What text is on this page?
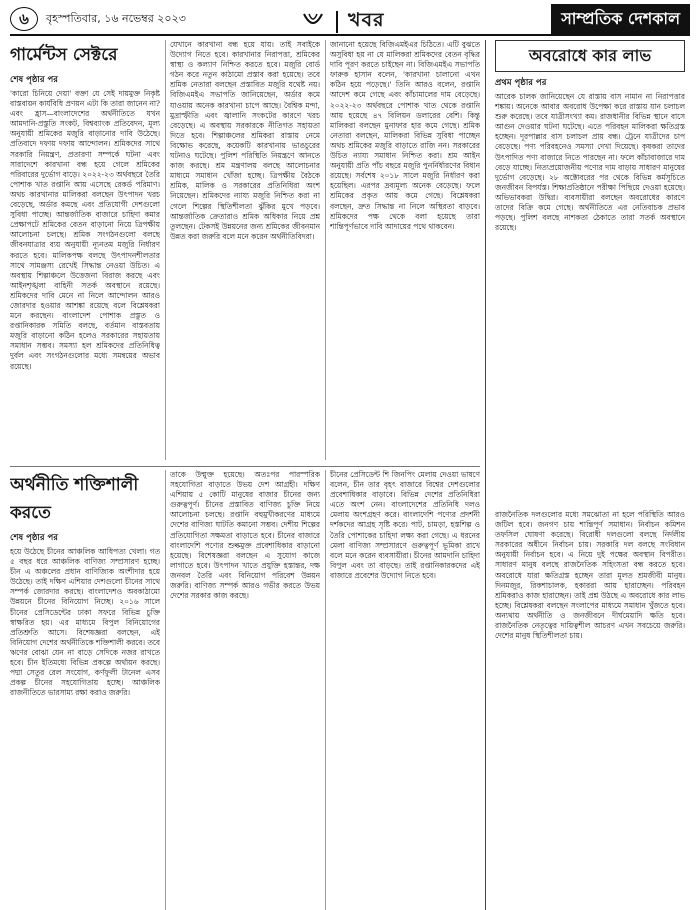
৬	বৃহস্পতিবার, ১৬ নভেম্বর ২০২৩	খবর	সাম্প্রতিক দেশকাল
গার্মেন্টস সেক্টরে
শেষ পৃষ্ঠার পর
'কারো চিনিয়ে দেয়া' বক্তা যে সেই দায়মুক্ত নিকৃষ্ট বাস্তবায়ন কার্যবিধি প্রণয়ন এটা কি তারা জানেন না? এবং হ্রাস—বাংলাদেশের অর্থনীতিতে যখন আমদানি-প্রস্তুতি সংকট, বিশ্বব্যাংক প্রতিবেদন, মূল্য অনুযায়ী শ্রমিকের মজুরি বাড়ানোর দাবি উঠেছে। প্রতিবাদে দফায় দফায় আন্দোলন। শ্রমিকদের সাথে সরকারি নিয়ন্ত্রণ, প্রতারণা সম্পর্কে ঘটনা এবং সারাদেশে কারখানা বন্ধ হয়ে গেলে শ্রমিকের পরিবারের দুর্ভোগ বাড়ে। ২০২২-২৩ অর্থবছরে তৈরি পোশাক খাত রপ্তানি আয় এসেছে রেকর্ড পরিমাণ। অথচ কারখানার মালিকরা বলছেন উৎপাদন খরচ বেড়েছে, অর্ডার কমছে এবং প্রতিযোগী দেশগুলো সুবিধা পাচ্ছে। আন্তর্জাতিক বাজারে চাহিদা কমার প্রেক্ষাপটে শ্রমিকের বেতন বাড়ানো নিয়ে ত্রিপক্ষীয় আলোচনা চলছে। শ্রমিক সংগঠনগুলো বলছে জীবনযাত্রার ব্যয় অনুযায়ী ন্যূনতম মজুরি নির্ধারণ করতে হবে। মালিকপক্ষ বলছে উৎপাদনশীলতার সাথে সামঞ্জস্য রেখেই সিদ্ধান্ত নেওয়া উচিত। এ অবস্থায় শিল্পাঞ্চলে উত্তেজনা বিরাজ করছে এবং আইনশৃঙ্খলা বাহিনী সতর্ক অবস্থানে রয়েছে। শ্রমিকদের দাবি মেনে না নিলে আন্দোলন আরও জোরদার হওয়ার আশঙ্কা রয়েছে বলে বিশ্লেষকরা মনে করছেন। বাংলাদেশ পোশাক প্রস্তুত ও রপ্তানিকারক সমিতি বলছে, বর্তমান বাস্তবতায় মজুরি বাড়ানো কঠিন হলেও সরকারের সহায়তায় সমাধান সম্ভব। সমস্যা হল শ্রমিকদের প্রতিনিধিত্ব দুর্বল এবং সংগঠনগুলোর মধ্যে সমন্বয়ের অভাব রয়েছে।
যেখানে কারখানা বন্ধ হয়ে যায়। তাই সবাইকে উদ্যোগ নিতে হবে। কারখানার নিরাপত্তা, শ্রমিকের স্বাস্থ্য ও কল্যাণ নিশ্চিত করতে হবে। মজুরি বোর্ড গঠন করে নতুন কাঠামো প্রস্তাব করা হয়েছে। তবে শ্রমিক নেতারা বলছেন প্রস্তাবিত মজুরি যথেষ্ট নয়। বিজিএমইএ সভাপতি জানিয়েছেন, অর্ডার কমে যাওয়ায় অনেক কারখানা চাপে আছে। বৈশ্বিক মন্দা, মুদ্রাস্ফীতি এবং জ্বালানি সংকটের কারণে খরচ বেড়েছে। এ অবস্থায় সরকারকে নীতিগত সহায়তা দিতে হবে। শিল্পাঞ্চলের শ্রমিকরা রাস্তায় নেমে বিক্ষোভ করেছে, কয়েকটি কারখানায় ভাঙচুরের ঘটনাও ঘটেছে। পুলিশ পরিস্থিতি নিয়ন্ত্রণে আনতে কাজ করছে। শ্রম মন্ত্রণালয় বলছে আলোচনার মাধ্যমে সমাধান খোঁজা হচ্ছে। ত্রিপক্ষীয় বৈঠকে শ্রমিক, মালিক ও সরকারের প্রতিনিধিরা অংশ নিয়েছেন। শ্রমিকদের ন্যায্য মজুরি নিশ্চিত করা না গেলে শিল্পের স্থিতিশীলতা ঝুঁকির মুখে পড়বে। আন্তর্জাতিক ক্রেতারাও শ্রমিক অধিকার নিয়ে প্রশ্ন তুলছেন। টেকসই উন্নয়নের জন্য শ্রমিকের জীবনমান উন্নত করা জরুরি বলে মনে করেন অর্থনীতিবিদরা।
জানানো হয়েছে বিজিএমইএর চিঠিতে। এটি বুঝতে অসুবিধা হয় না যে মালিকরা শ্রমিকদের বেতন বৃদ্ধির দাবি পূরণ করতে চাইছেন না। বিজিএমইএ সভাপতি ফারুক হাসান বলেন, 'কারখানা চালানো এখন কঠিন হয়ে পড়েছে।' তিনি আরও বলেন, রপ্তানি আদেশ কমে গেছে এবং কাঁচামালের দাম বেড়েছে। ২০২২-২৩ অর্থবছরে পোশাক খাত থেকে রপ্তানি আয় হয়েছে ৪৭ বিলিয়ন ডলারের বেশি। কিন্তু মালিকরা বলছেন মুনাফার হার কমে গেছে। শ্রমিক নেতারা বলছেন, মালিকরা বিভিন্ন সুবিধা পাচ্ছেন অথচ শ্রমিকের মজুরি বাড়াতে রাজি নন। সরকারের উচিত ন্যায্য সমাধান নিশ্চিত করা। শ্রম আইন অনুযায়ী প্রতি পাঁচ বছরে মজুরি পুনর্নির্ধারণের বিধান রয়েছে। সর্বশেষ ২০১৮ সালে মজুরি নির্ধারণ করা হয়েছিল। এরপর দ্রব্যমূল্য অনেক বেড়েছে। ফলে শ্রমিকের প্রকৃত আয় কমে গেছে। বিশ্লেষকরা বলছেন, দ্রুত সিদ্ধান্ত না নিলে অস্থিরতা বাড়বে। শ্রমিকদের পক্ষ থেকে বলা হয়েছে তারা শান্তিপূর্ণভাবে দাবি আদায়ের পথে থাকবেন।
অর্থনীতি শক্তিশালী করতে
শেষ পৃষ্ঠার পর
হয়ে উঠেছে চীনের আঞ্চলিক আধিপত্য খেলা। গত ৫ বছর ধরে আঞ্চলিক বাণিজ্য সম্প্রসারণ হচ্ছে। চীন এ অঞ্চলের প্রধান বাণিজ্যিক অংশীদার হয়ে উঠেছে। তাই দক্ষিণ এশিয়ার দেশগুলো চীনের সাথে সম্পর্ক জোরদার করছে। বাংলাদেশও অবকাঠামো উন্নয়নে চীনের বিনিয়োগ নিচ্ছে। ২০১৬ সালে চীনের প্রেসিডেন্টের ঢাকা সফরে বিভিন্ন চুক্তি স্বাক্ষরিত হয়। এর মাধ্যমে বিপুল বিনিয়োগের প্রতিশ্রুতি আসে। বিশেষজ্ঞরা বলছেন, এই বিনিয়োগ দেশের অর্থনীতিকে শক্তিশালী করবে। তবে ঋণের বোঝা যেন না বাড়ে সেদিকে নজর রাখতে হবে। চীন ইতিমধ্যে বিভিন্ন প্রকল্পে অর্থায়ন করছে। পদ্মা সেতুর রেল সংযোগ, কর্ণফুলী টানেল এসব প্রকল্প চীনের সহযোগিতায় হচ্ছে। আঞ্চলিক রাজনীতিতে ভারসাম্য রক্ষা করাও জরুরি।
তাকে উন্মুক্ত হয়েছে। অতঃপর পারস্পরিক সহযোগিতা বাড়াতে উভয় দেশ আগ্রহী। দক্ষিণ এশিয়ায় ৫ কোটি মানুষের বাজার চীনের জন্য গুরুত্বপূর্ণ। চীনের প্রস্তাবিত বাণিজ্য চুক্তি নিয়ে আলোচনা চলছে। রপ্তানি বহুমুখীকরণের মাধ্যমে দেশের বাণিজ্য ঘাটতি কমানো সম্ভব। দেশীয় শিল্পের প্রতিযোগিতা সক্ষমতা বাড়াতে হবে। চীনের বাজারে বাংলাদেশি পণ্যের শুল্কমুক্ত প্রবেশাধিকার বাড়ানো হয়েছে। বিশেষজ্ঞরা বলছেন এ সুযোগ কাজে লাগাতে হবে। উৎপাদন খাতে প্রযুক্তি হস্তান্তর, দক্ষ জনবল তৈরি এবং বিনিয়োগ পরিবেশ উন্নয়ন জরুরি। বাণিজ্য সম্পর্ক আরও গভীর করতে উভয় দেশের সরকার কাজ করছে।
চীনের প্রেসিডেন্ট শি জিনপিং মেলায় দেওয়া ভাষণে বলেন, চীন তার বৃহৎ বাজারে বিশ্বের দেশগুলোর প্রবেশাধিকার বাড়াবে। বিভিন্ন দেশের প্রতিনিধিরা এতে অংশ নেন। বাংলাদেশের প্রতিনিধি দলও মেলায় অংশগ্রহণ করে। বাংলাদেশি পণ্যের প্রদর্শনী দর্শকদের আগ্রহ সৃষ্টি করে। পাট, চামড়া, হস্তশিল্প ও তৈরি পোশাকের চাহিদা লক্ষ্য করা গেছে। এ ধরনের মেলা বাণিজ্য সম্প্রসারণে গুরুত্বপূর্ণ ভূমিকা রাখে বলে মনে করেন ব্যবসায়ীরা। চীনের আমদানি চাহিদা বিপুল এবং তা বাড়ছে। তাই রপ্তানিকারকদের এই বাজারে প্রবেশের উদ্যোগ নিতে হবে।
অবরোধে কার লাভ
প্রথম পৃষ্ঠার পর
আরেক চালক জানিয়েছেন যে রাস্তায় বাস নামান না নিরাপত্তার শঙ্কায়। অনেকে আবার অবরোধ উপেক্ষা করে রাস্তায় যান চলাচল শুরু করেছে। তবে যাত্রীসংখ্যা কম। রাজধানীর বিভিন্ন স্থানে বাসে আগুন দেওয়ার ঘটনা ঘটেছে। এতে পরিবহন মালিকরা ক্ষতিগ্রস্ত হচ্ছেন। দূরপাল্লার বাস চলাচল প্রায় বন্ধ। ট্রেনে যাত্রীদের চাপ বেড়েছে। পণ্য পরিবহনেও সমস্যা দেখা দিয়েছে। কৃষকরা তাদের উৎপাদিত পণ্য বাজারে নিতে পারছেন না। ফলে কাঁচাবাজারে দাম বেড়ে যাচ্ছে। নিত্যপ্রয়োজনীয় পণ্যের দাম বাড়ায় সাধারণ মানুষের দুর্ভোগ বেড়েছে। ২৮ অক্টোবরের পর থেকে বিভিন্ন কর্মসূচিতে জনজীবন বিপর্যস্ত। শিক্ষাপ্রতিষ্ঠানে পরীক্ষা পিছিয়ে দেওয়া হয়েছে। অভিভাবকরা উদ্বিগ্ন। ব্যবসায়ীরা বলছেন অবরোধের কারণে তাদের বিক্রি কমে গেছে। অর্থনীতিতে এর নেতিবাচক প্রভাব পড়ছে। পুলিশ বলছে নাশকতা ঠেকাতে তারা সতর্ক অবস্থানে রয়েছে।
রাজনৈতিক দলগুলোর মধ্যে সমঝোতা না হলে পরিস্থিতি আরও জটিল হবে। জনগণ চায় শান্তিপূর্ণ সমাধান। নির্বাচন কমিশন তফসিল ঘোষণা করেছে। বিরোধী দলগুলো বলছে নির্দলীয় সরকারের অধীনে নির্বাচন চায়। সরকারি দল বলছে সংবিধান অনুযায়ী নির্বাচন হবে। এ নিয়ে দুই পক্ষের অবস্থান বিপরীত। সাধারণ মানুষ বলছে রাজনৈতিক সহিংসতা বন্ধ করতে হবে। অবরোধে যারা ক্ষতিগ্রস্ত হচ্ছেন তারা মূলত শ্রমজীবী মানুষ। দিনমজুর, রিকশাচালক, হকাররা আয় হারাচ্ছেন। পরিবহন শ্রমিকরাও কাজ হারাচ্ছেন। তাই প্রশ্ন উঠছে এ অবরোধে কার লাভ হচ্ছে। বিশ্লেষকরা বলছেন সংলাপের মাধ্যমে সমাধান খুঁজতে হবে। অন্যথায় অর্থনীতি ও জনজীবনে দীর্ঘমেয়াদি ক্ষতি হবে। রাজনৈতিক নেতৃত্বের দায়িত্বশীল আচরণ এখন সবচেয়ে জরুরি। দেশের মানুষ স্থিতিশীলতা চায়।
